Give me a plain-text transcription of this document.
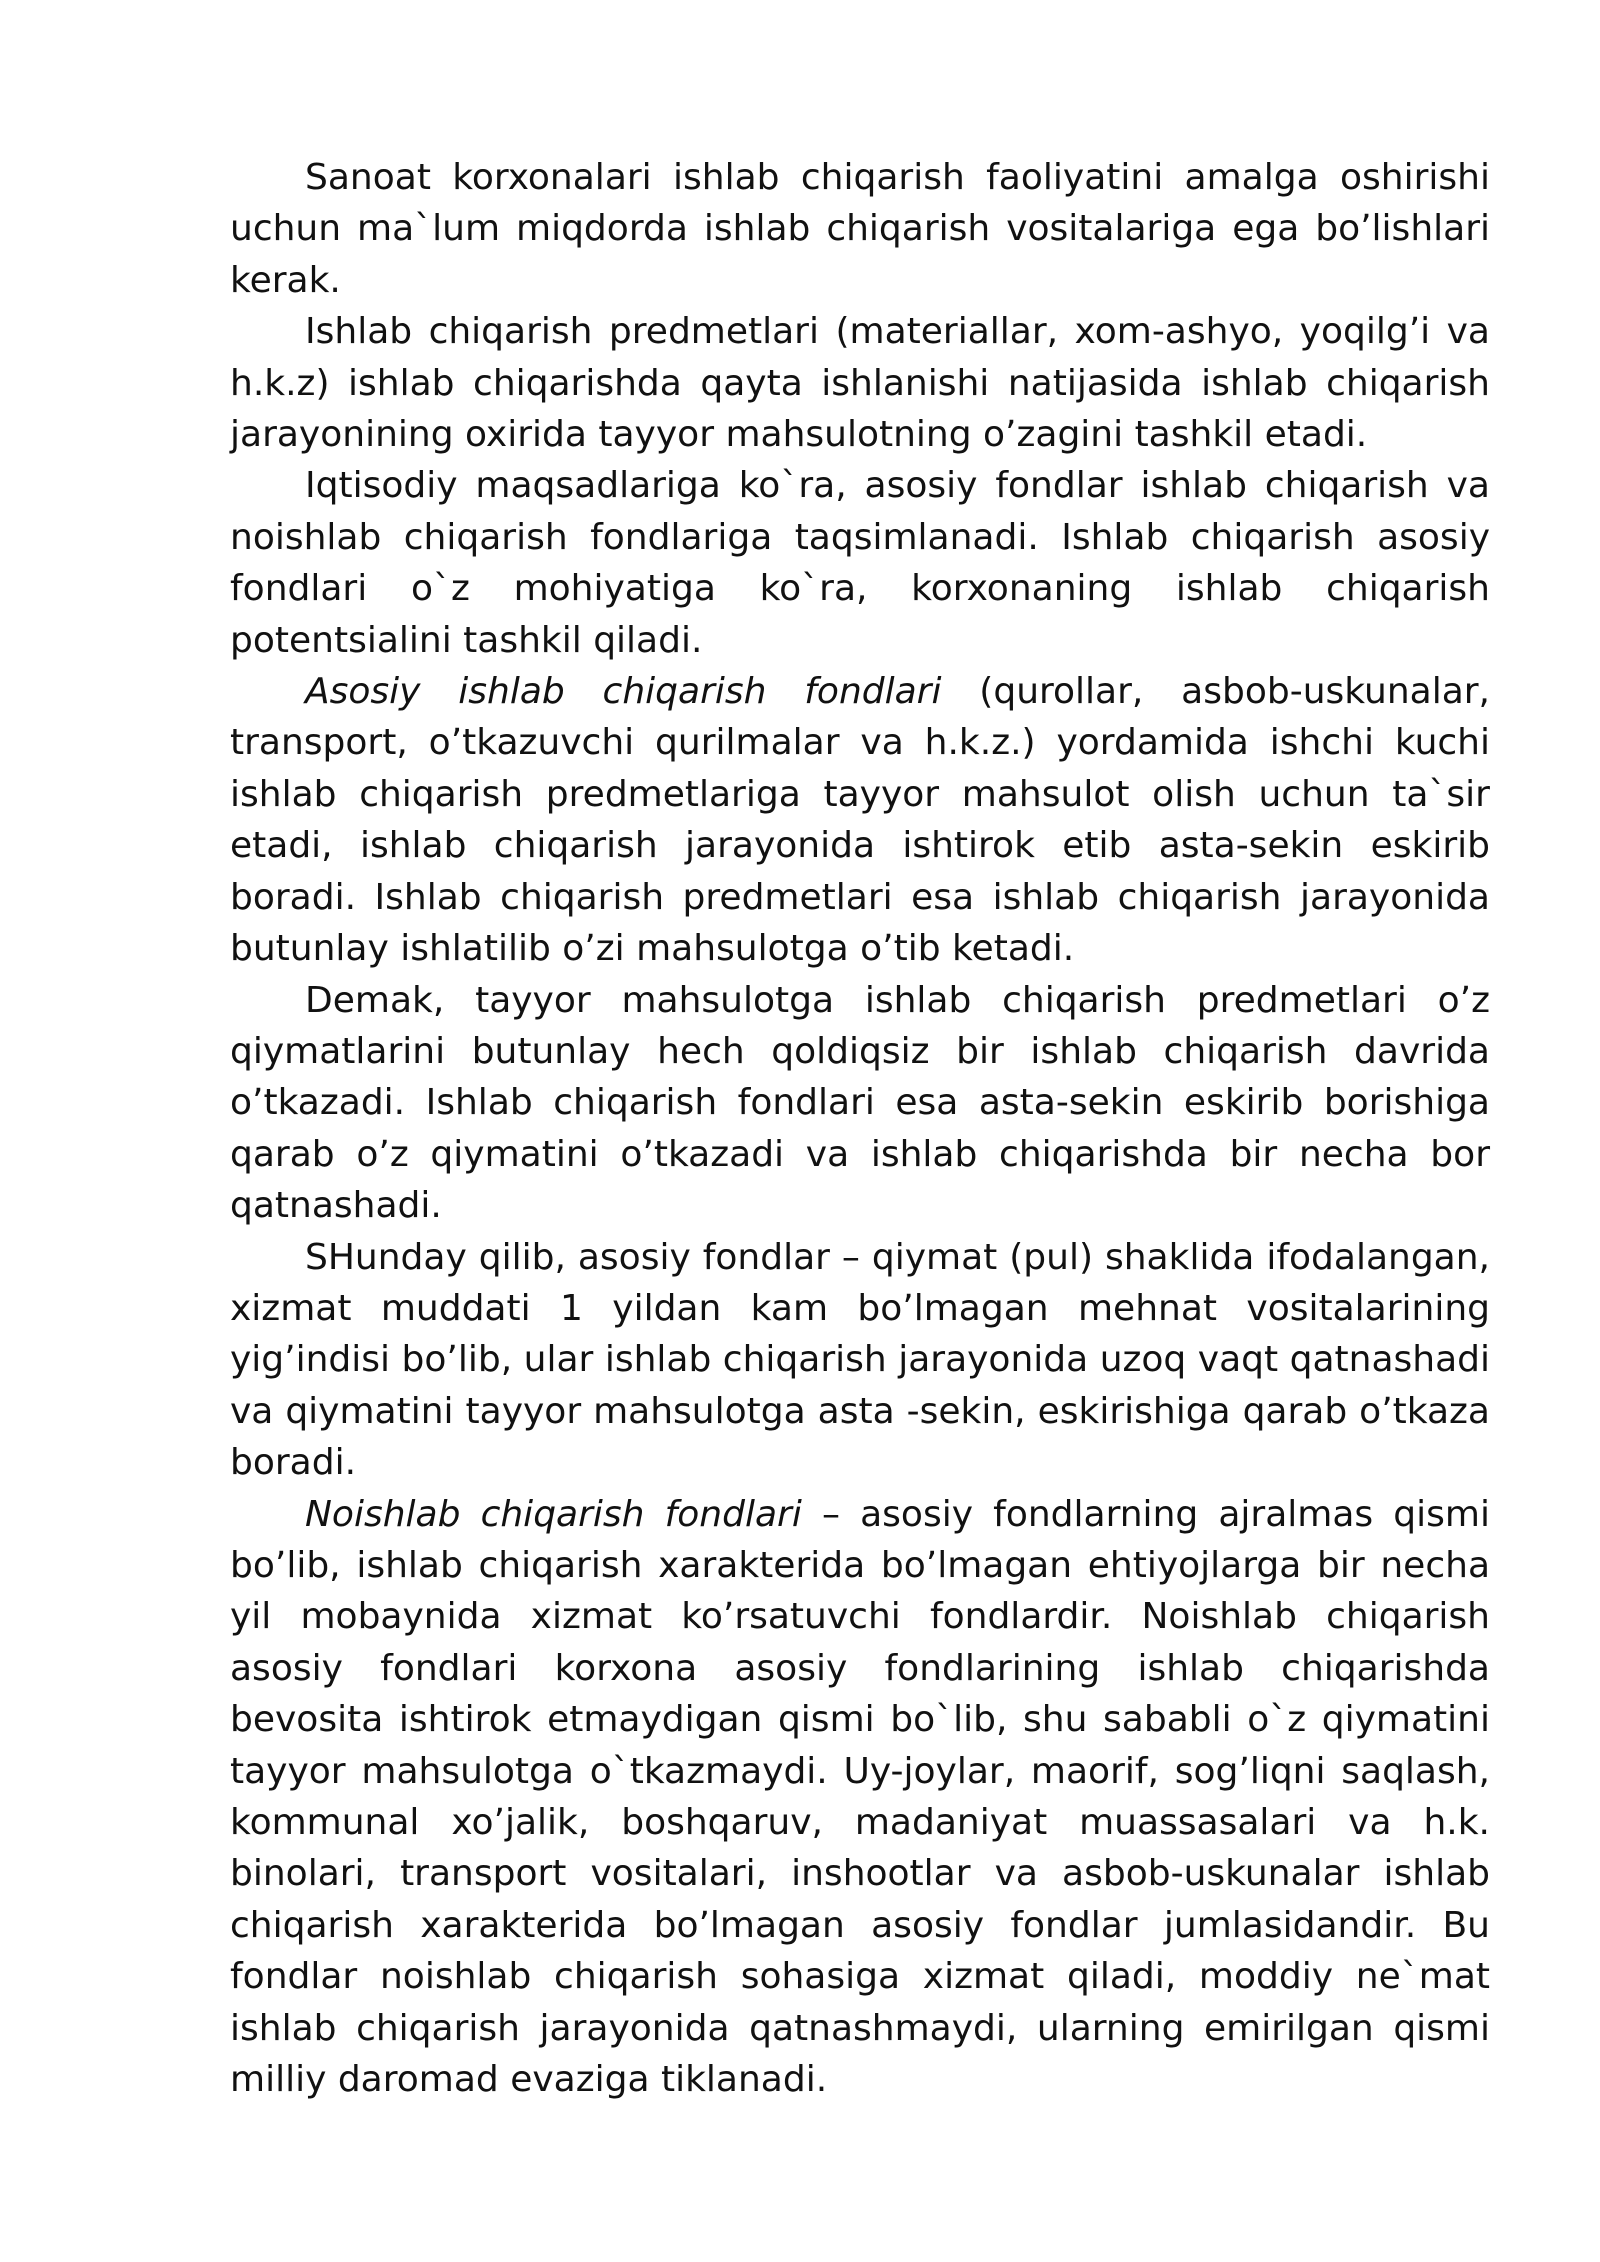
Sanoat korxonalari ishlab chiqarish faoliyatini amalga oshirishi uchun ma`lum miqdorda ishlab chiqarish vositalariga ega bo’lishlari kerak.

Ishlab chiqarish predmetlari (materiallar, xom-ashyo, yoqilg’i va h.k.z) ishlab chiqarishda qayta ishlanishi natijasida ishlab chiqarish jarayonining oxirida tayyor mahsulotning o’zagini tashkil etadi.

Iqtisodiy maqsadlariga ko`ra, asosiy fondlar ishlab chiqarish va noishlab chiqarish fondlariga taqsimlanadi. Ishlab chiqarish asosiy fondlari o`z mohiyatiga ko`ra, korxonaning ishlab chiqarish potentsialini tashkil qiladi.

Asosiy ishlab chiqarish fondlari (qurollar, asbob-uskunalar, transport, o’tkazuvchi qurilmalar va h.k.z.) yordamida ishchi kuchi ishlab chiqarish predmetlariga tayyor mahsulot olish uchun ta`sir etadi, ishlab chiqarish jarayonida ishtirok etib asta-sekin eskirib boradi. Ishlab chiqarish predmetlari esa ishlab chiqarish jarayonida butunlay ishlatilib o’zi mahsulotga o’tib ketadi.

Demak, tayyor mahsulotga ishlab chiqarish predmetlari o’z qiymatlarini butunlay hech qoldiqsiz bir ishlab chiqarish davrida o’tkazadi. Ishlab chiqarish fondlari esa asta-sekin eskirib borishiga qarab o’z qiymatini o’tkazadi va ishlab chiqarishda bir necha bor qatnashadi.

SHunday qilib, asosiy fondlar – qiymat (pul) shaklida ifodalangan, xizmat muddati 1 yildan kam bo’lmagan mehnat vositalarining yig’indisi bo’lib, ular ishlab chiqarish jarayonida uzoq vaqt qatnashadi va qiymatini tayyor mahsulotga asta -sekin, eskirishiga qarab o’tkaza boradi.

Noishlab chiqarish fondlari – asosiy fondlarning ajralmas qismi bo’lib, ishlab chiqarish xarakterida bo’lmagan ehtiyojlarga bir necha yil mobaynida xizmat ko’rsatuvchi fondlardir. Noishlab chiqarish asosiy fondlari korxona asosiy fondlarining ishlab chiqarishda bevosita ishtirok etmaydigan qismi bo`lib, shu sababli o`z qiymatini tayyor mahsulotga o`tkazmaydi. Uy-joylar, maorif, sog’liqni saqlash, kommunal xo’jalik, boshqaruv, madaniyat muassasalari va h.k. binolari, transport vositalari, inshootlar va asbob-uskunalar ishlab chiqarish xarakterida bo’lmagan asosiy fondlar jumlasidandir. Bu fondlar noishlab chiqarish sohasiga xizmat qiladi, moddiy ne`mat ishlab chiqarish jarayonida qatnashmaydi, ularning emirilgan qismi milliy daromad evaziga tiklanadi.
